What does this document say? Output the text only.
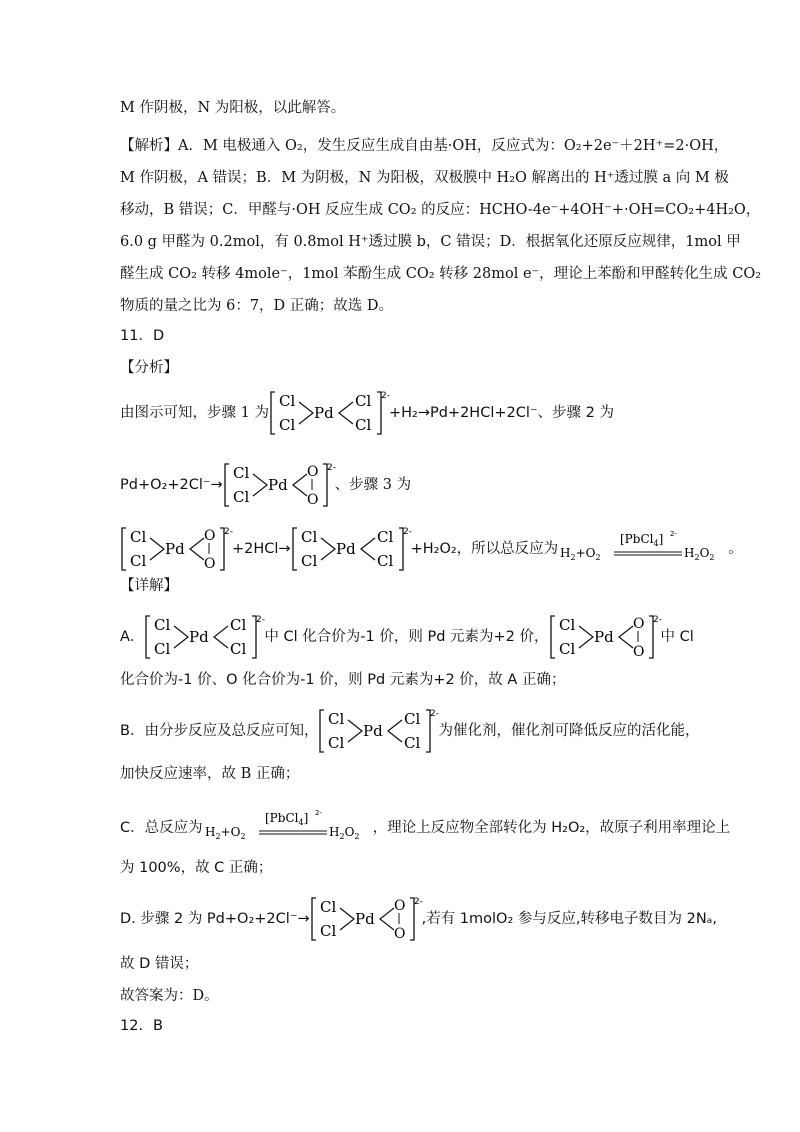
M 作阴极，N 为阳极，以此解答。
【解析】A．M 电极通入 O₂，发生反应生成自由基·OH，反应式为：O₂+2e⁻＋2H⁺=2·OH，
M 作阴极，A 错误；B．M 为阴极，N 为阳极，双极膜中 H₂O 解离出的 H⁺透过膜 a 向 M 极
移动，B 错误；C．甲醛与·OH 反应生成 CO₂ 的反应：HCHO-4e⁻+4OH⁻+·OH=CO₂+4H₂O，
6.0 g 甲醛为 0.2mol，有 0.8mol H⁺透过膜 b，C 错误；D．根据氧化还原反应规律，1mol 甲
醛生成 CO₂ 转移 4mole⁻，1mol 苯酚生成 CO₂ 转移 28mol e⁻，理论上苯酚和甲醛转化生成 CO₂
物质的量之比为 6：7，D 正确；故选 D。
11．D
【分析】
由图示可知，步骤 1 为
Cl
Cl
Pd
Cl
Cl
2-
+H₂→Pd+2HCl+2Cl⁻、步骤 2 为
Pd+O₂+2Cl⁻→
Cl
Cl
Pd
O
O
2-
、步骤 3 为
Cl
Cl
Pd
O
O
2-
+2HCl→
Cl
Cl
Pd
Cl
Cl
2-
+H₂O₂，所以总反应为 $H_2+O_2$
[PbCl$_4$] 2-
$H_2O_2$
。
【详解】
A．
Cl
Cl
Pd
Cl
Cl
2-
中 Cl 化合价为-1 价，则 Pd 元素为+2 价，
Cl
Cl
Pd
O
O
2-
中 Cl
化合价为-1 价、O 化合价为-1 价，则 Pd 元素为+2 价，故 A 正确；
B．由分步反应及总反应可知，
Cl
Cl
Pd
Cl
Cl
2-
为催化剂，催化剂可降低反应的活化能，
加快反应速率，故 B 正确；
C．总反应为 $H_2+O_2$
[PbCl$_4$] 2-
$H_2O_2$
，理论上反应物全部转化为 H₂O₂，故原子利用率理论上
为 100%，故 C 正确；
D. 步骤 2 为 Pd+O₂+2Cl⁻→
Cl
Cl
Pd
O
O
2-
,若有 1molO₂ 参与反应,转移电子数目为 2Nₐ,
故 D 错误；
故答案为：D。
12．B
